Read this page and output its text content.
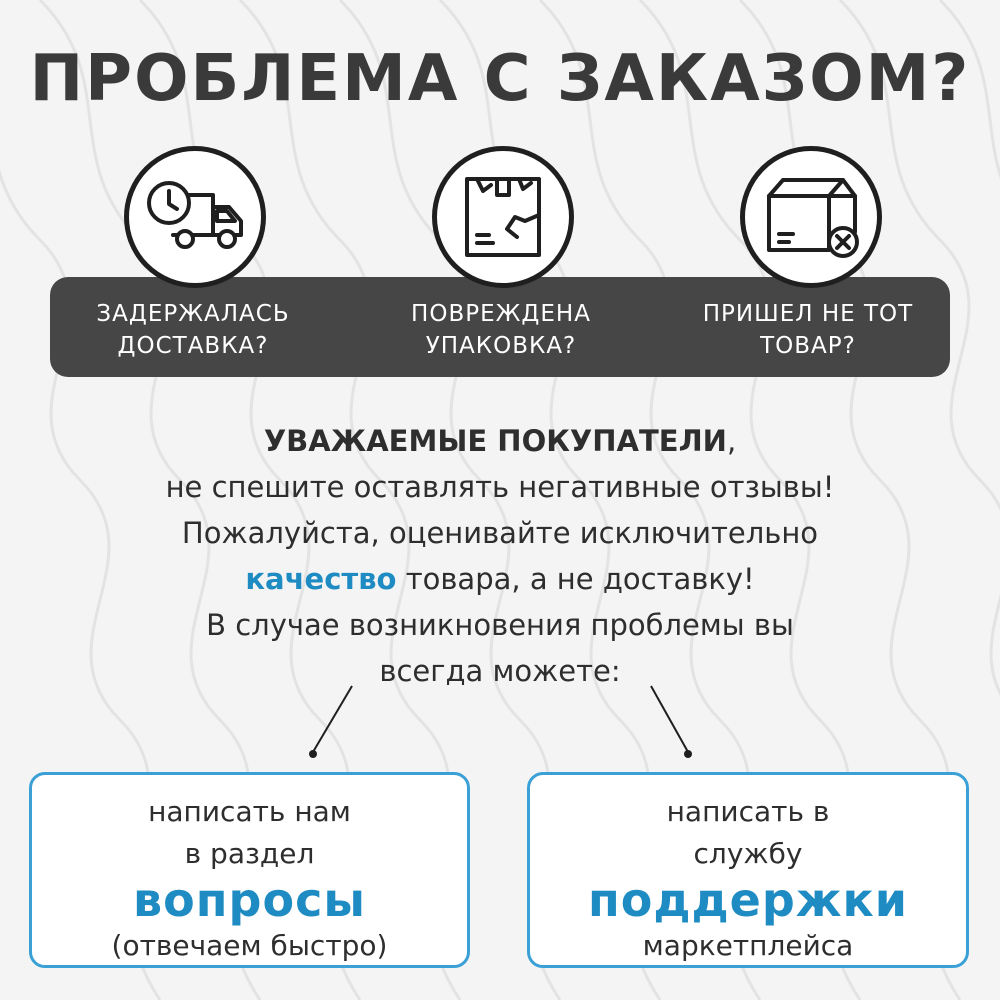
ПРОБЛЕМА С ЗАКАЗОМ?
ЗАДЕРЖАЛАСЬ
ДОСТАВКА?
ПОВРЕЖДЕНА
УПАКОВКА?
ПРИШЕЛ НЕ ТОТ
ТОВАР?
УВАЖАЕМЫЕ ПОКУПАТЕЛИ,
не спешите оставлять негативные отзывы!
Пожалуйста, оценивайте исключительно
качество товара, а не доставку!
В случае возникновения проблемы вы
всегда можете:
написать нам
в раздел
вопросы
(отвечаем быстро)
написать в
службу
поддержки
маркетплейса
